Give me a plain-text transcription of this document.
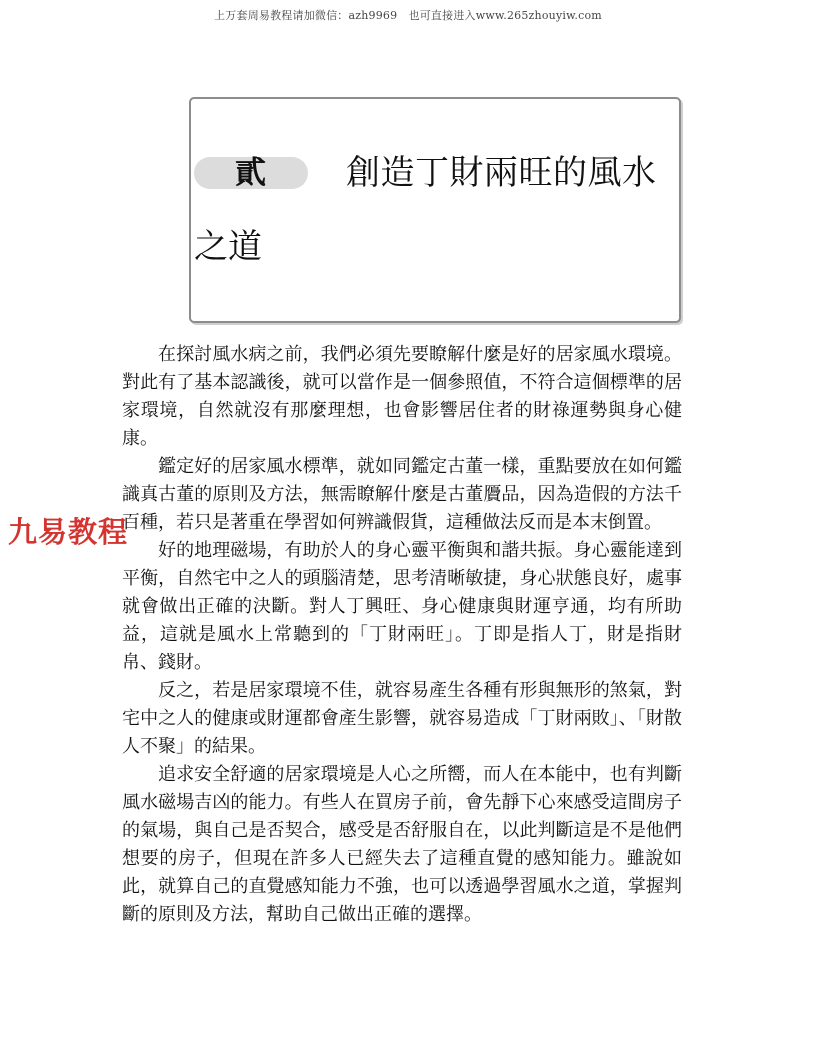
上万套周易教程请加微信：azh9969　也可直接进入www.265zhouyiw.com
貳 創造丁財兩旺的風水
之道

在探討風水病之前，我們必須先要瞭解什麼是好的居家風水環境。對此有了基本認識後，就可以當作是一個參照值，不符合這個標準的居家環境，自然就沒有那麼理想，也會影響居住者的財祿運勢與身心健康。

鑑定好的居家風水標準，就如同鑑定古董一樣，重點要放在如何鑑識真古董的原則及方法，無需瞭解什麼是古董贗品，因為造假的方法千百種，若只是著重在學習如何辨識假貨，這種做法反而是本末倒置。

好的地理磁場，有助於人的身心靈平衡與和諧共振。身心靈能達到平衡，自然宅中之人的頭腦清楚，思考清晰敏捷，身心狀態良好，處事就會做出正確的決斷。對人丁興旺、身心健康與財運亨通，均有所助益，這就是風水上常聽到的「丁財兩旺」。丁即是指人丁，財是指財帛、錢財。

反之，若是居家環境不佳，就容易產生各種有形與無形的煞氣，對宅中之人的健康或財運都會產生影響，就容易造成「丁財兩敗」、「財散人不聚」的結果。

追求安全舒適的居家環境是人心之所嚮，而人在本能中，也有判斷風水磁場吉凶的能力。有些人在買房子前，會先靜下心來感受這間房子的氣場，與自己是否契合，感受是否舒服自在，以此判斷這是不是他們想要的房子，但現在許多人已經失去了這種直覺的感知能力。雖說如此，就算自己的直覺感知能力不強，也可以透過學習風水之道，掌握判斷的原則及方法，幫助自己做出正確的選擇。

九易教程
